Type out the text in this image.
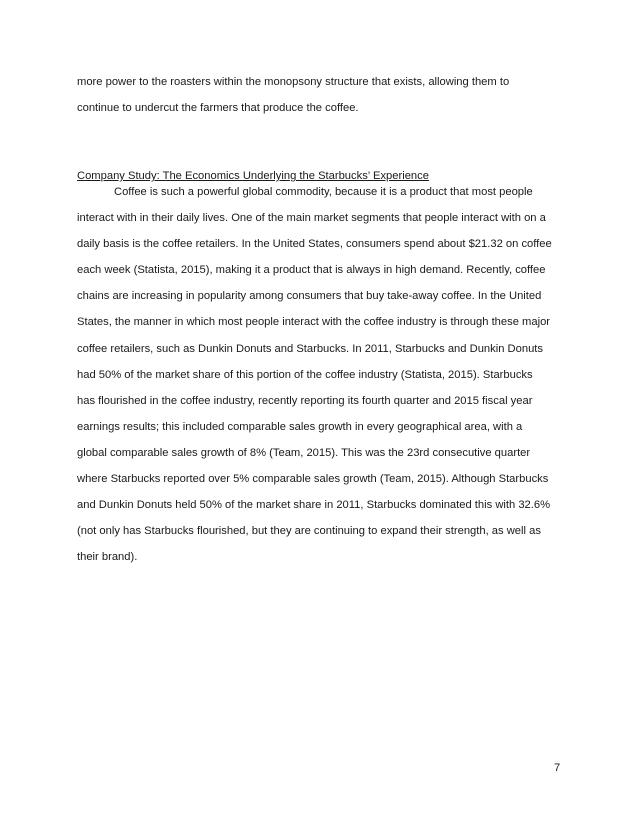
more power to the roasters within the monopsony structure that exists, allowing them to
continue to undercut the farmers that produce the coffee.
Company Study: The Economics Underlying the Starbucks’ Experience
Coffee is such a powerful global commodity, because it is a product that most people
interact with in their daily lives. One of the main market segments that people interact with on a
daily basis is the coffee retailers. In the United States, consumers spend about $21.32 on coffee
each week (Statista, 2015), making it a product that is always in high demand. Recently, coffee
chains are increasing in popularity among consumers that buy take-away coffee. In the United
States, the manner in which most people interact with the coffee industry is through these major
coffee retailers, such as Dunkin Donuts and Starbucks. In 2011, Starbucks and Dunkin Donuts
had 50% of the market share of this portion of the coffee industry (Statista, 2015). Starbucks
has flourished in the coffee industry, recently reporting its fourth quarter and 2015 fiscal year
earnings results; this included comparable sales growth in every geographical area, with a
global comparable sales growth of 8% (Team, 2015). This was the 23rd consecutive quarter
where Starbucks reported over 5% comparable sales growth (Team, 2015). Although Starbucks
and Dunkin Donuts held 50% of the market share in 2011, Starbucks dominated this with 32.6%
(not only has Starbucks flourished, but they are continuing to expand their strength, as well as
their brand).
7
